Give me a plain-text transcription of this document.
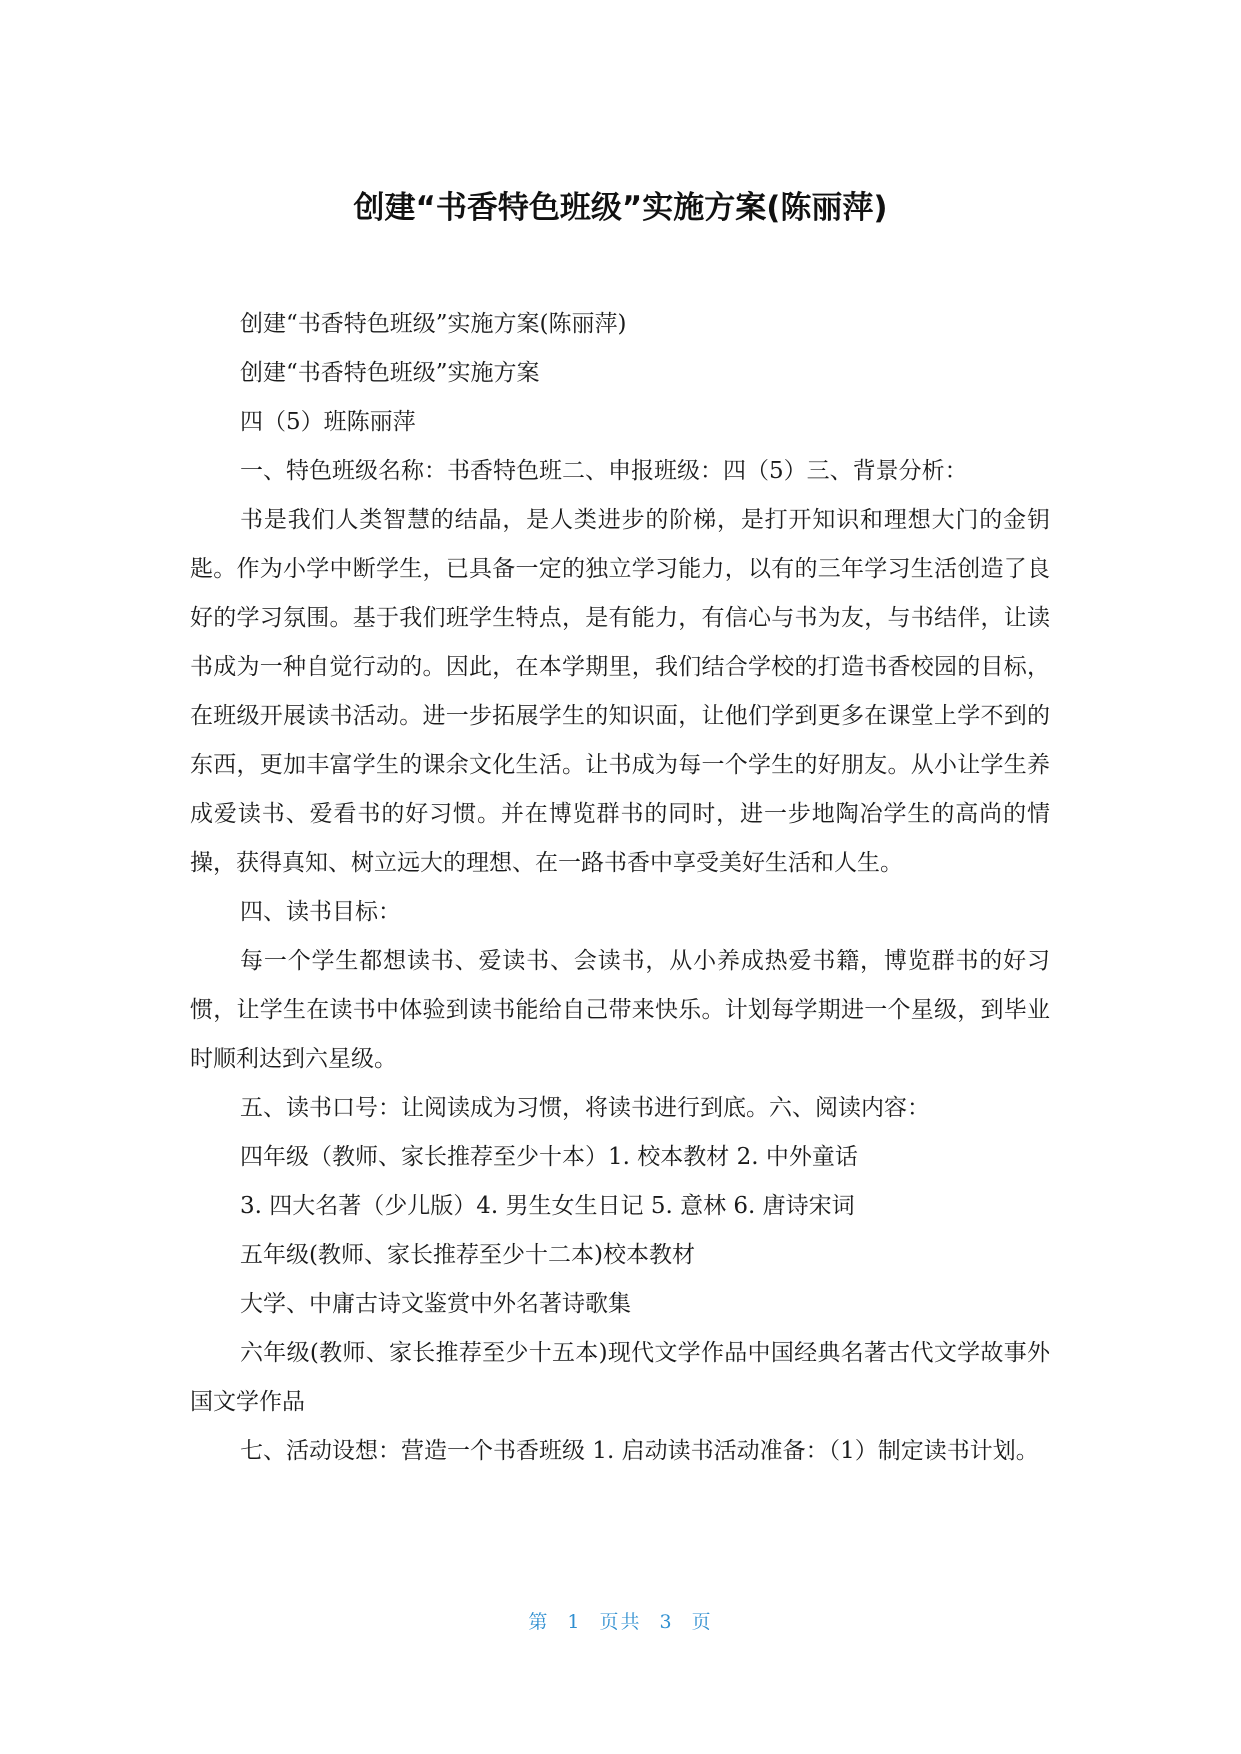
创建“书香特色班级”实施方案(陈丽萍)

创建“书香特色班级”实施方案(陈丽萍)

创建“书香特色班级”实施方案

四（5）班陈丽萍

一、特色班级名称：书香特色班二、申报班级：四（5）三、背景分析：

书是我们人类智慧的结晶，是人类进步的阶梯，是打开知识和理想大门的金钥匙。作为小学中断学生，已具备一定的独立学习能力，以有的三年学习生活创造了良好的学习氛围。基于我们班学生特点，是有能力，有信心与书为友，与书结伴，让读书成为一种自觉行动的。因此，在本学期里，我们结合学校的打造书香校园的目标，在班级开展读书活动。进一步拓展学生的知识面，让他们学到更多在课堂上学不到的东西，更加丰富学生的课余文化生活。让书成为每一个学生的好朋友。从小让学生养成爱读书、爱看书的好习惯。并在博览群书的同时，进一步地陶冶学生的高尚的情操，获得真知、树立远大的理想、在一路书香中享受美好生活和人生。

四、读书目标：

每一个学生都想读书、爱读书、会读书，从小养成热爱书籍，博览群书的好习惯，让学生在读书中体验到读书能给自己带来快乐。计划每学期进一个星级，到毕业时顺利达到六星级。

五、读书口号：让阅读成为习惯，将读书进行到底。六、阅读内容：

四年级（教师、家长推荐至少十本）1. 校本教材 2. 中外童话

3. 四大名著（少儿版）4. 男生女生日记 5. 意林 6. 唐诗宋词

五年级(教师、家长推荐至少十二本)校本教材

大学、中庸古诗文鉴赏中外名著诗歌集

六年级(教师、家长推荐至少十五本)现代文学作品中国经典名著古代文学故事外国文学作品

七、活动设想：营造一个书香班级 1. 启动读书活动准备：（1）制定读书计划。

第 1 页共 3 页
